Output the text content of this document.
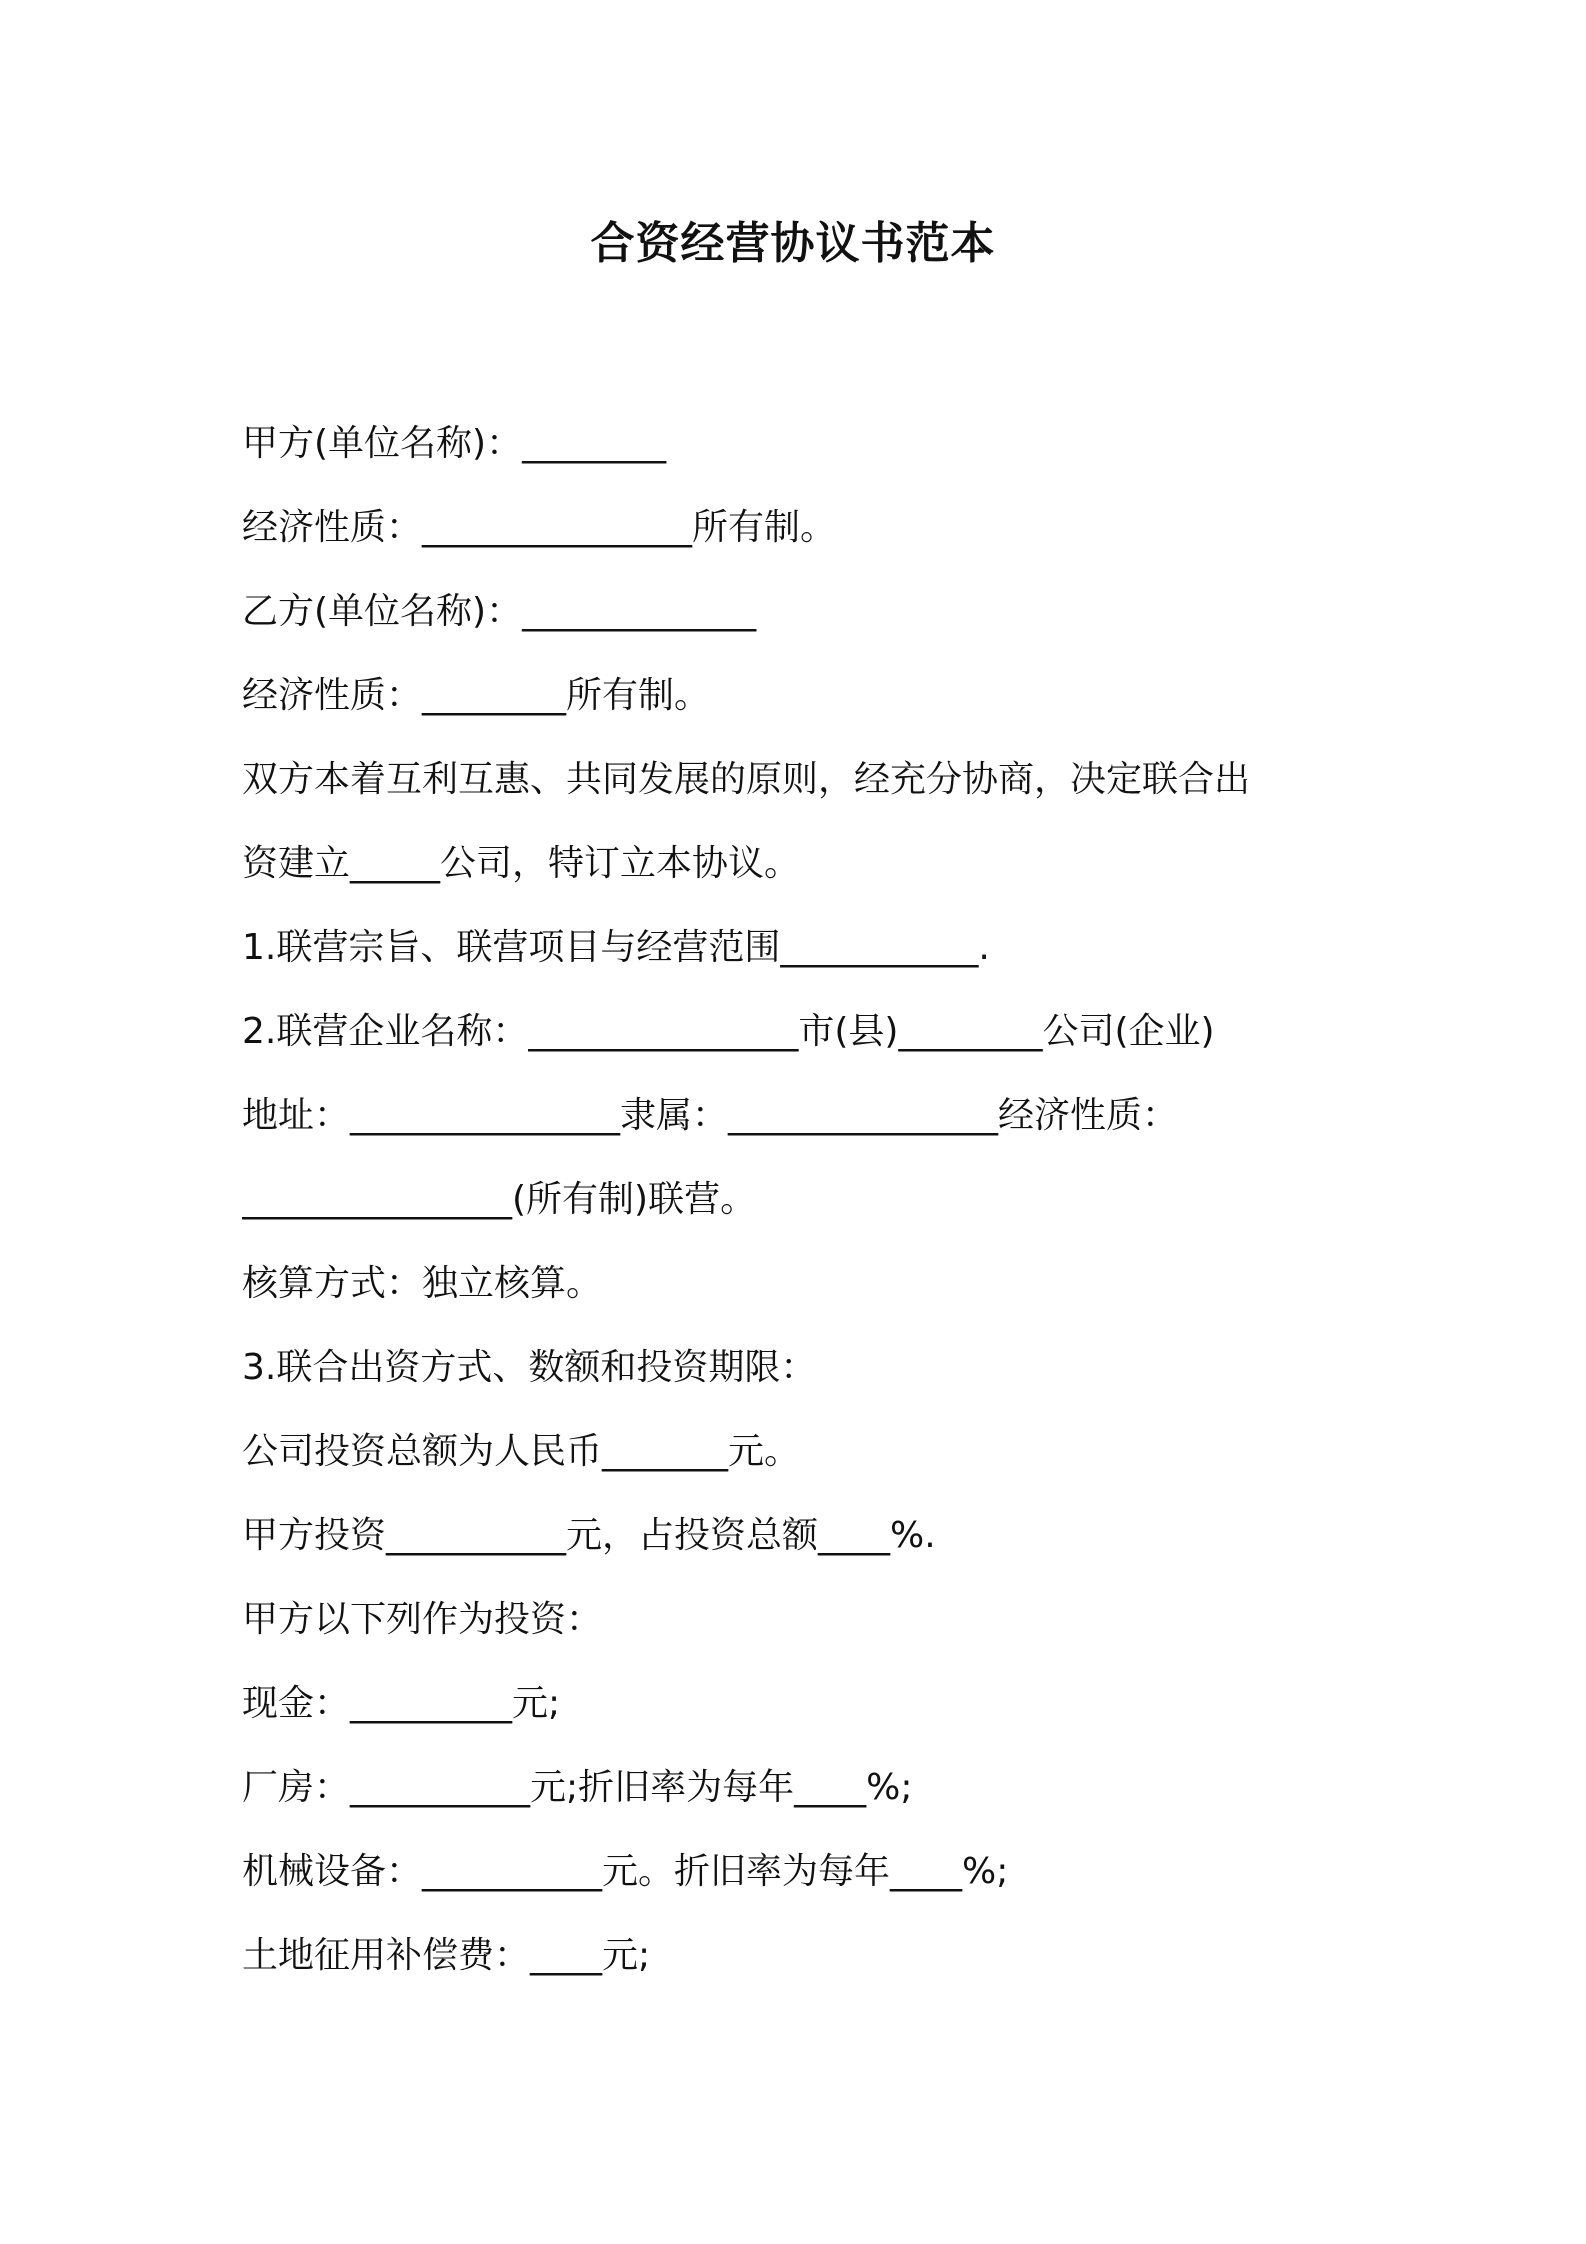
合资经营协议书范本
甲方(单位名称)：________
经济性质：_______________所有制。
乙方(单位名称)：_____________
经济性质：________所有制。
双方本着互利互惠、共同发展的原则，经充分协商，决定联合出
资建立_____公司，特订立本协议。
1.联营宗旨、联营项目与经营范围___________.
2.联营企业名称：_______________市(县)________公司(企业)
地址：_______________隶属：_______________经济性质：
_______________(所有制)联营。
核算方式：独立核算。
3.联合出资方式、数额和投资期限：
公司投资总额为人民币_______元。
甲方投资__________元，占投资总额____%.
甲方以下列作为投资：
现金：_________元;
厂房：__________元;折旧率为每年____%;
机械设备：__________元。折旧率为每年____%;
土地征用补偿费：____元;
